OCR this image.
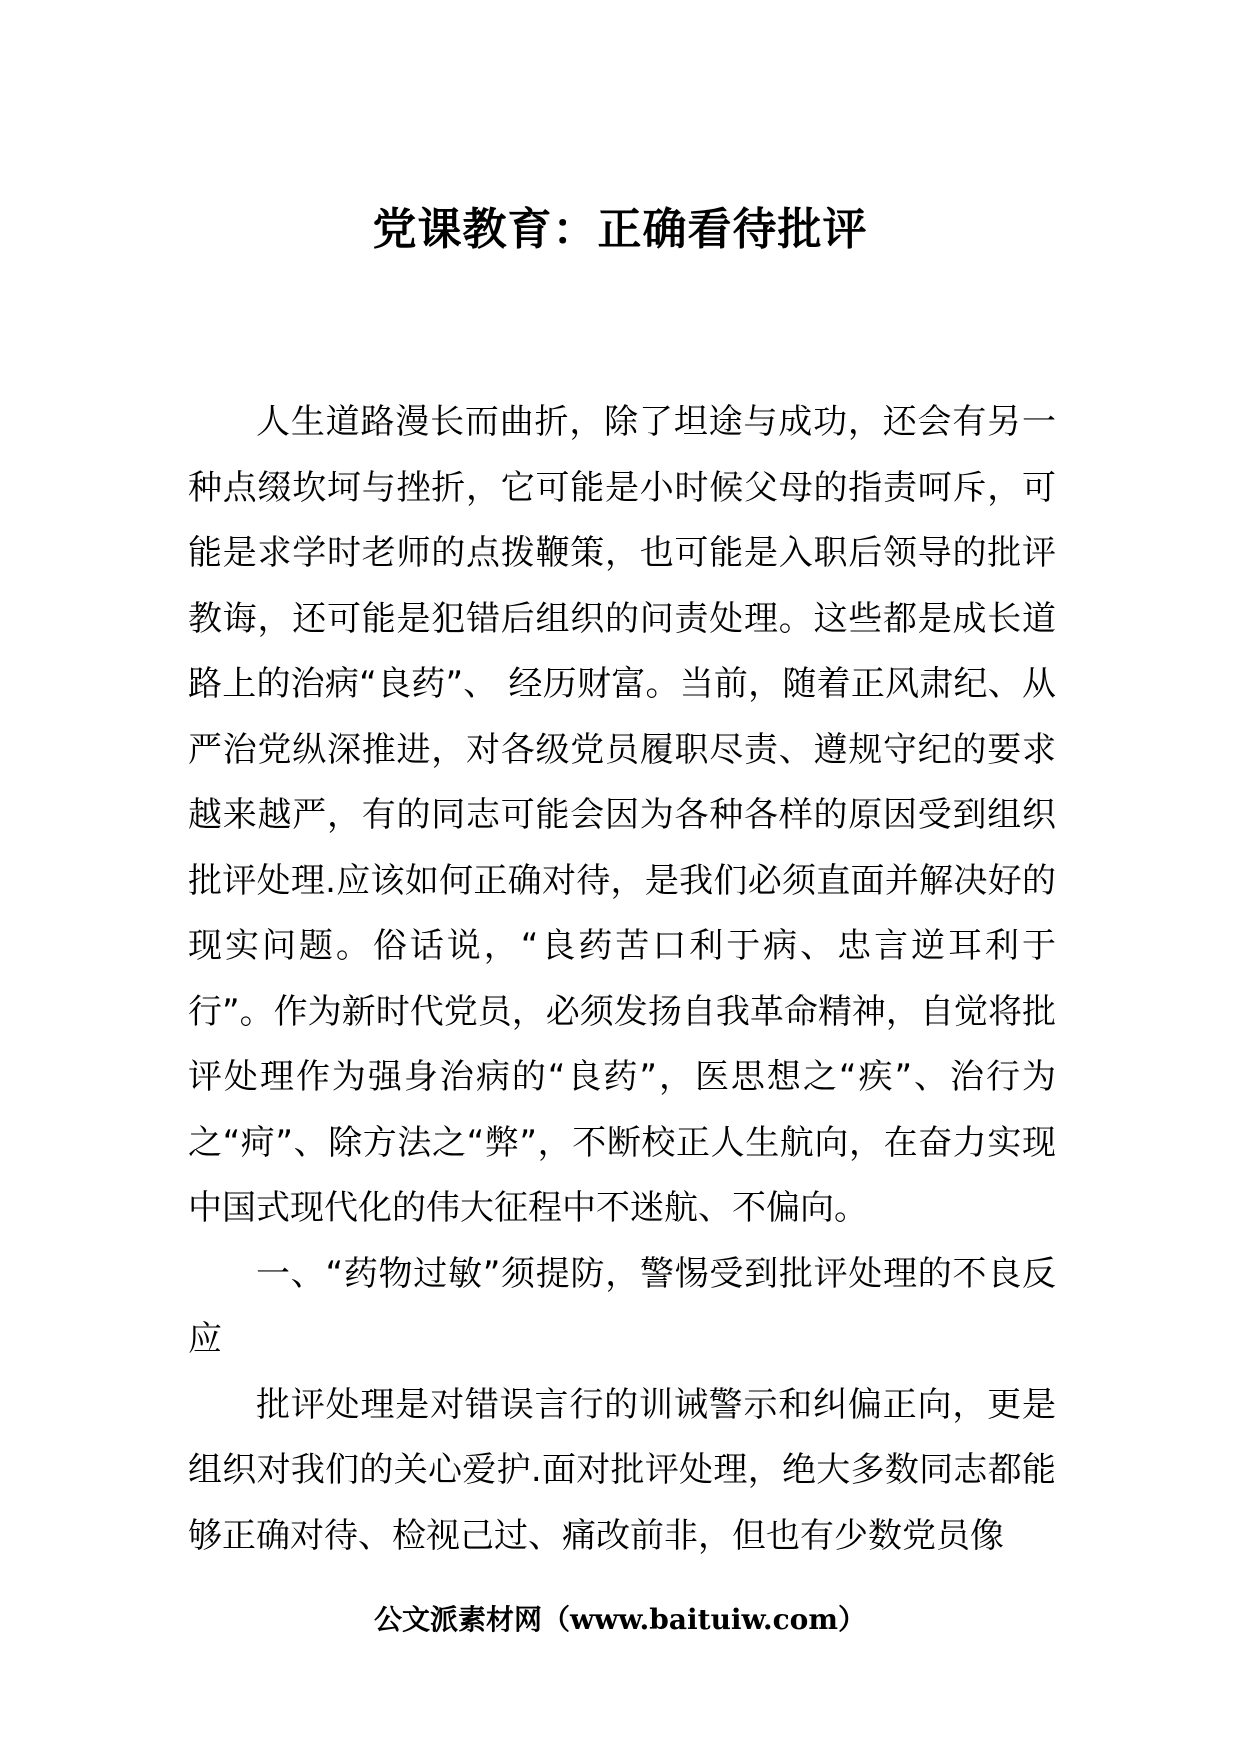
党课教育：正确看待批评

人生道路漫长而曲折，除了坦途与成功，还会有另一种点缀坎坷与挫折，它可能是小时候父母的指责呵斥，可能是求学时老师的点拨鞭策，也可能是入职后领导的批评教诲，还可能是犯错后组织的问责处理。这些都是成长道路上的治病“良药”、 经历财富。当前，随着正风肃纪、从严治党纵深推进，对各级党员履职尽责、遵规守纪的要求越来越严，有的同志可能会因为各种各样的原因受到组织批评处理.应该如何正确对待，是我们必须直面并解决好的现实问题。俗话说，“良药苦口利于病、忠言逆耳利于行”。作为新时代党员，必须发扬自我革命精神，自觉将批评处理作为强身治病的“良药”，医思想之“疾”、治行为之“疴”、除方法之“弊”，不断校正人生航向，在奋力实现中国式现代化的伟大征程中不迷航、不偏向。

一、“药物过敏”须提防，警惕受到批评处理的不良反应

批评处理是对错误言行的训诫警示和纠偏正向，更是组织对我们的关心爱护.面对批评处理，绝大多数同志都能够正确对待、检视己过、痛改前非，但也有少数党员像

公文派素材网（www.baituiw.com）
